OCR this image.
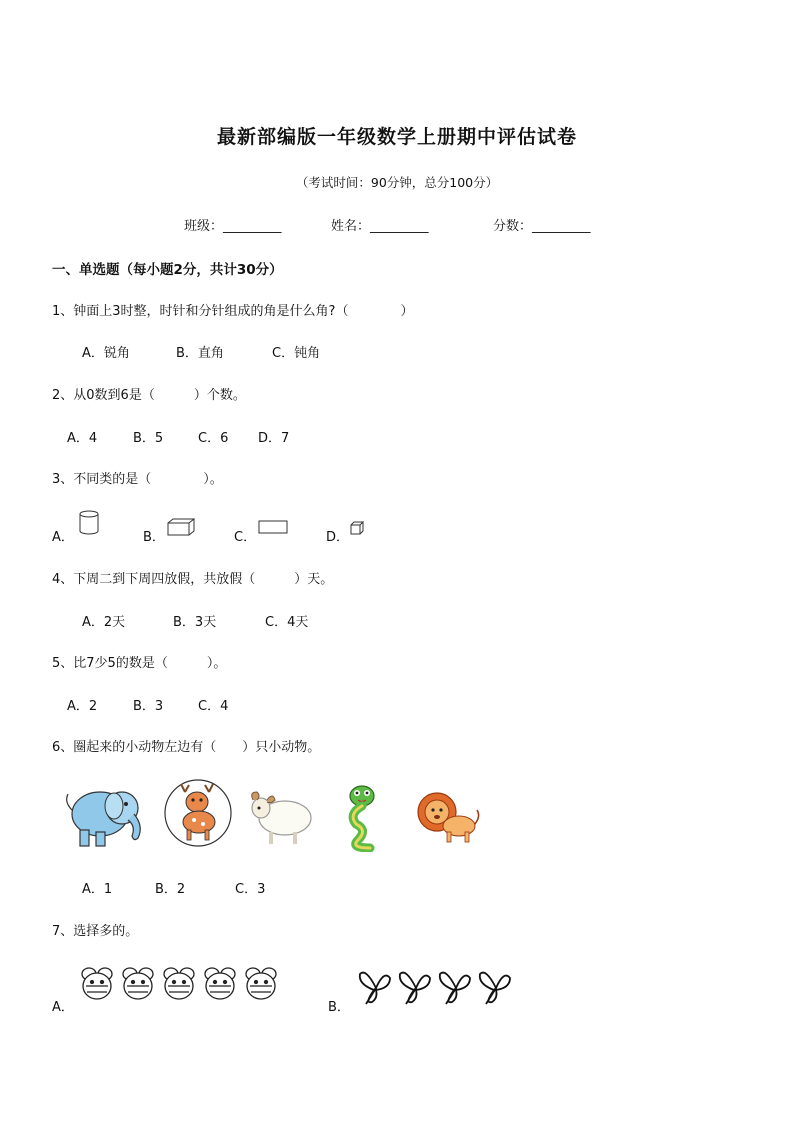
最新部编版一年级数学上册期中评估试卷
（考试时间：90分钟，总分100分）
班级：_________	姓名：_________	分数：_________
一、单选题（每小题2分，共计30分）
1、钟面上3时整，时针和分针组成的角是什么角?（　　　　）
A．锐角	B．直角	C．钝角
2、从0数到6是（　　　）个数。
A．4	B．5	C．6 D．7
3、不同类的是（　　　　）。
A．	B．	C．	D．
4、下周二到下周四放假，共放假（　　　）天。
A．2天	B．3天	C．4天
5、比7少5的数是（　　　）。
A．2	B．3	C．4
6、圈起来的小动物左边有（　　）只小动物。
A．1	B．2	C．3
7、选择多的。
A．	B．
